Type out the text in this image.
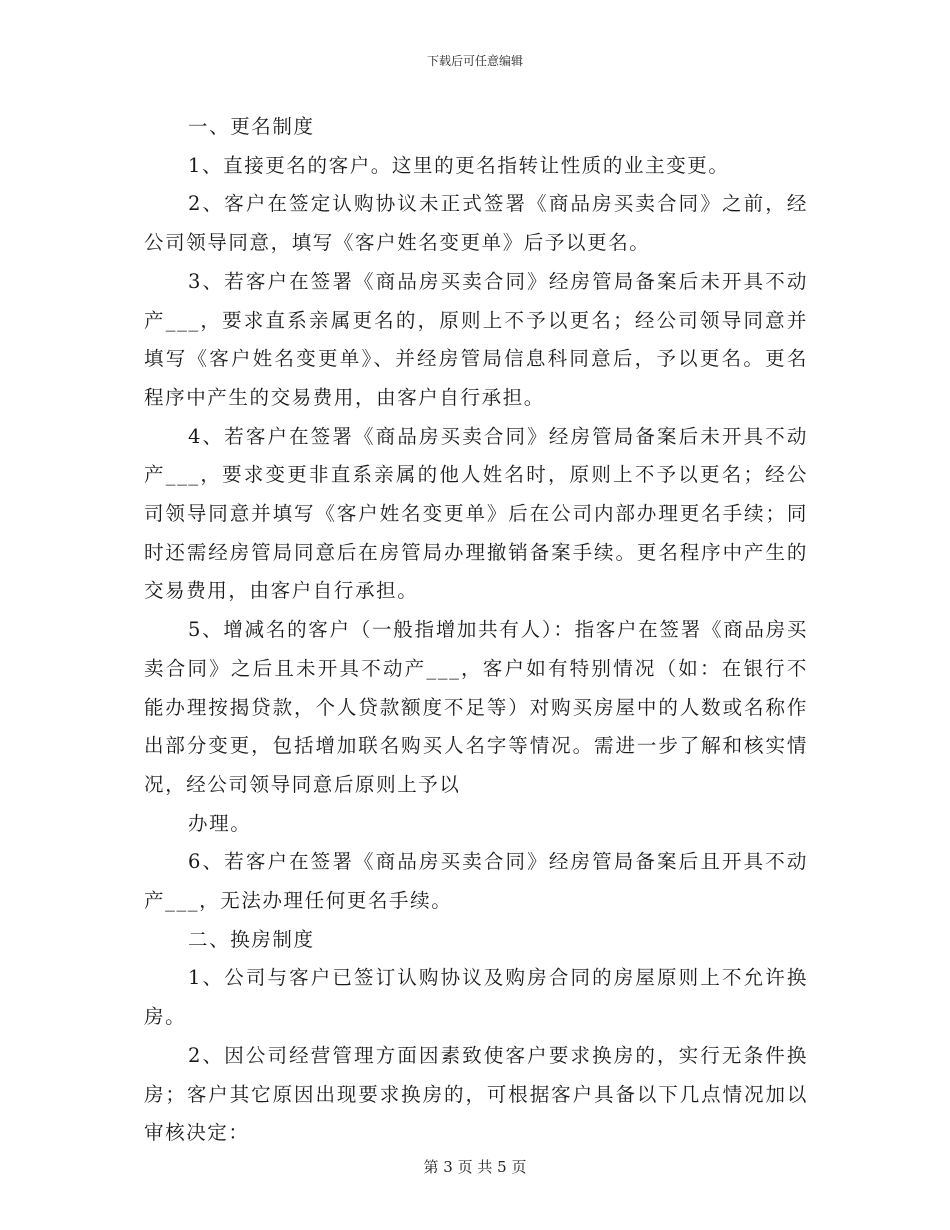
下载后可任意编辑

一、更名制度

1、直接更名的客户。这里的更名指转让性质的业主变更。

2、客户在签定认购协议未正式签署《商品房买卖合同》之前，经公司领导同意，填写《客户姓名变更单》后予以更名。

3、若客户在签署《商品房买卖合同》经房管局备案后未开具不动产___，要求直系亲属更名的，原则上不予以更名；经公司领导同意并填写《客户姓名变更单》、并经房管局信息科同意后，予以更名。更名程序中产生的交易费用，由客户自行承担。

4、若客户在签署《商品房买卖合同》经房管局备案后未开具不动产___，要求变更非直系亲属的他人姓名时，原则上不予以更名；经公司领导同意并填写《客户姓名变更单》后在公司内部办理更名手续；同时还需经房管局同意后在房管局办理撤销备案手续。更名程序中产生的交易费用，由客户自行承担。

5、增减名的客户（一般指增加共有人）：指客户在签署《商品房买卖合同》之后且未开具不动产___，客户如有特别情况（如：在银行不能办理按揭贷款，个人贷款额度不足等）对购买房屋中的人数或名称作出部分变更，包括增加联名购买人名字等情况。需进一步了解和核实情况，经公司领导同意后原则上予以

办理。

6、若客户在签署《商品房买卖合同》经房管局备案后且开具不动产___，无法办理任何更名手续。

二、换房制度

1、公司与客户已签订认购协议及购房合同的房屋原则上不允许换房。

2、因公司经营管理方面因素致使客户要求换房的，实行无条件换房；客户其它原因出现要求换房的，可根据客户具备以下几点情况加以审核决定：

第 3 页 共 5 页
